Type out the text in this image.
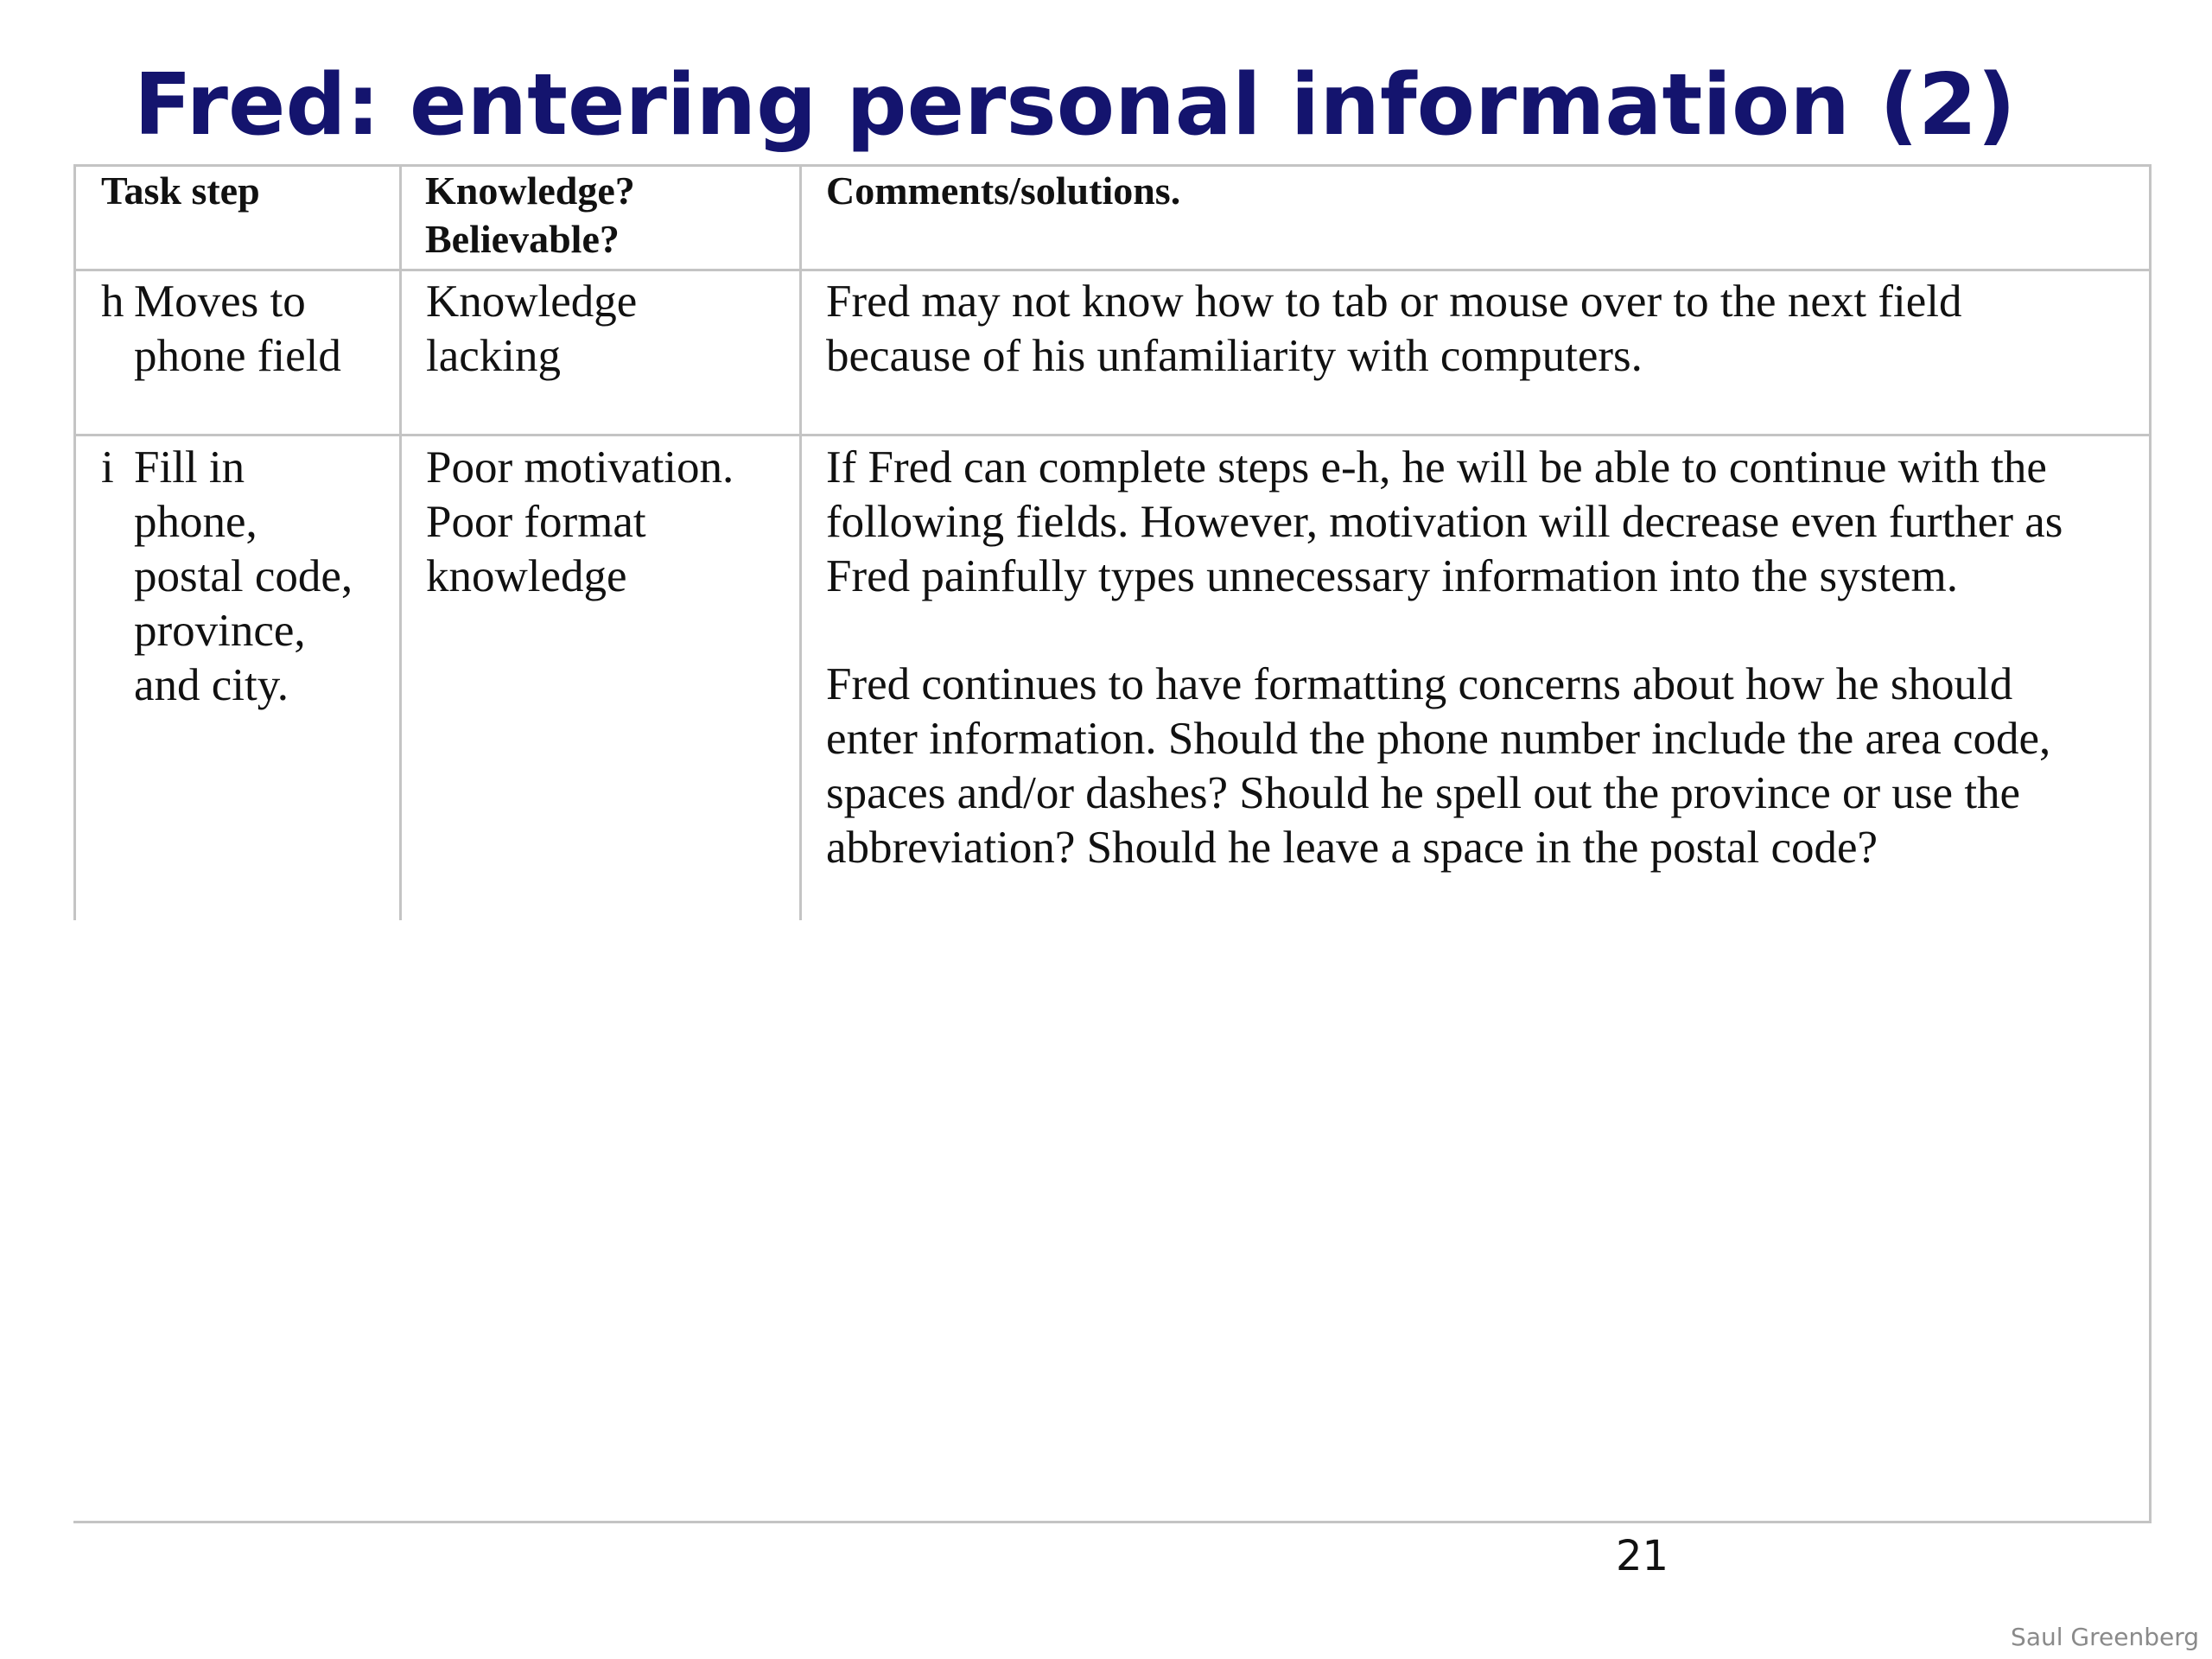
Fred: entering personal information (2)
Task step	Knowledge?
Believable?
Comments/solutions.
h Moves to
phone field
Knowledge
lacking
Fred may not know how to tab or mouse over to the next field
because of his unfamiliarity with computers.
i Fill in
phone,
postal code,
province,
and city.
Poor motivation.
Poor format
knowledge
If Fred can complete steps e-h, he will be able to continue with the
following fields. However, motivation will decrease even further as
Fred painfully types unnecessary information into the system.
Fred continues to have formatting concerns about how he should
enter information. Should the phone number include the area code,
spaces and/or dashes? Should he spell out the province or use the
abbreviation? Should he leave a space in the postal code?
21
Saul Greenberg
